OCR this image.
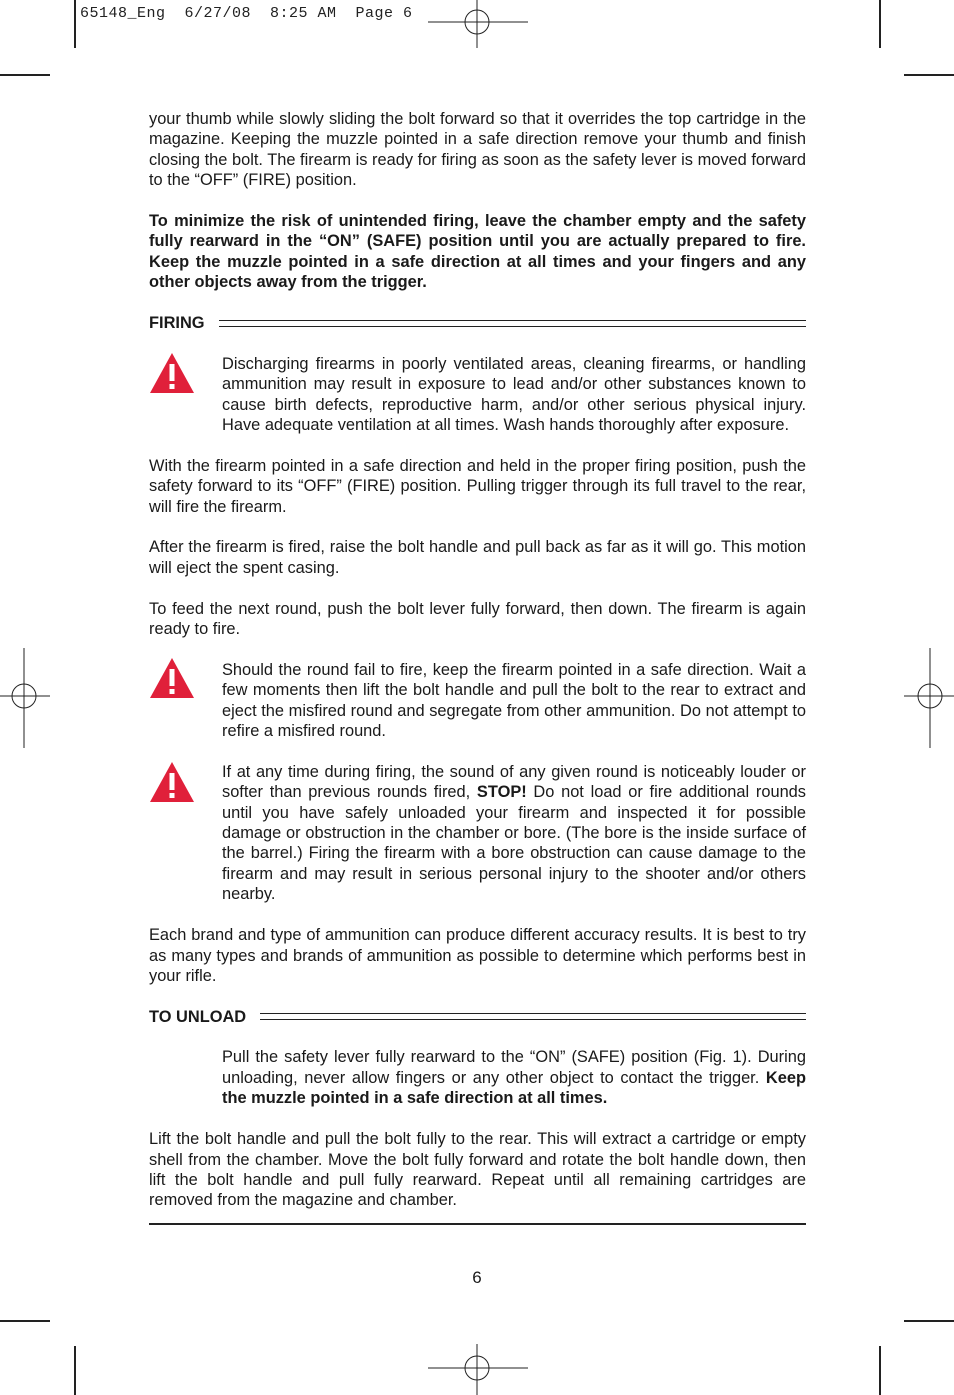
65148_Eng  6/27/08  8:25 AM  Page 6

your thumb while slowly sliding the bolt forward so that it overrides the top cartridge in the magazine. Keeping the muzzle pointed in a safe direction remove your thumb and finish closing the bolt. The firearm is ready for firing as soon as the safety lever is moved forward to the “OFF” (FIRE) position.

To minimize the risk of unintended firing, leave the chamber empty and the safety fully rearward in the “ON” (SAFE) position until you are actually prepared to fire. Keep the muzzle pointed in a safe direction at all times and your fingers and any other objects away from the trigger.

FIRING

Discharging firearms in poorly ventilated areas, cleaning firearms, or handling ammunition may result in exposure to lead and/or other substances known to cause birth defects, reproductive harm, and/or other serious physical injury. Have adequate ventilation at all times. Wash hands thoroughly after exposure.

With the firearm pointed in a safe direction and held in the proper firing position, push the safety forward to its “OFF” (FIRE) position. Pulling trigger through its full travel to the rear, will fire the firearm.

After the firearm is fired, raise the bolt handle and pull back as far as it will go. This motion will eject the spent casing.

To feed the next round, push the bolt lever fully forward, then down. The firearm is again ready to fire.

Should the round fail to fire, keep the firearm pointed in a safe direction. Wait a few moments then lift the bolt handle and pull the bolt to the rear to extract and eject the misfired round and segregate from other ammunition. Do not attempt to refire a misfired round.

If at any time during firing, the sound of any given round is noticeably louder or softer than previous rounds fired, STOP! Do not load or fire additional rounds until you have safely unloaded your firearm and inspected it for possible damage or obstruction in the chamber or bore. (The bore is the inside surface of the barrel.) Firing the firearm with a bore obstruction can cause damage to the firearm and may result in serious personal injury to the shooter and/or others nearby.

Each brand and type of ammunition can produce different accuracy results. It is best to try as many types and brands of ammunition as possible to determine which performs best in your rifle.

TO UNLOAD

Pull the safety lever fully rearward to the “ON” (SAFE) position (Fig. 1). During unloading, never allow fingers or any other object to contact the trigger. Keep the muzzle pointed in a safe direction at all times.

Lift the bolt handle and pull the bolt fully to the rear. This will extract a cartridge or empty shell from the chamber. Move the bolt fully forward and rotate the bolt handle down, then lift the bolt handle and pull fully rearward. Repeat until all remaining cartridges are removed from the magazine and chamber.

6
